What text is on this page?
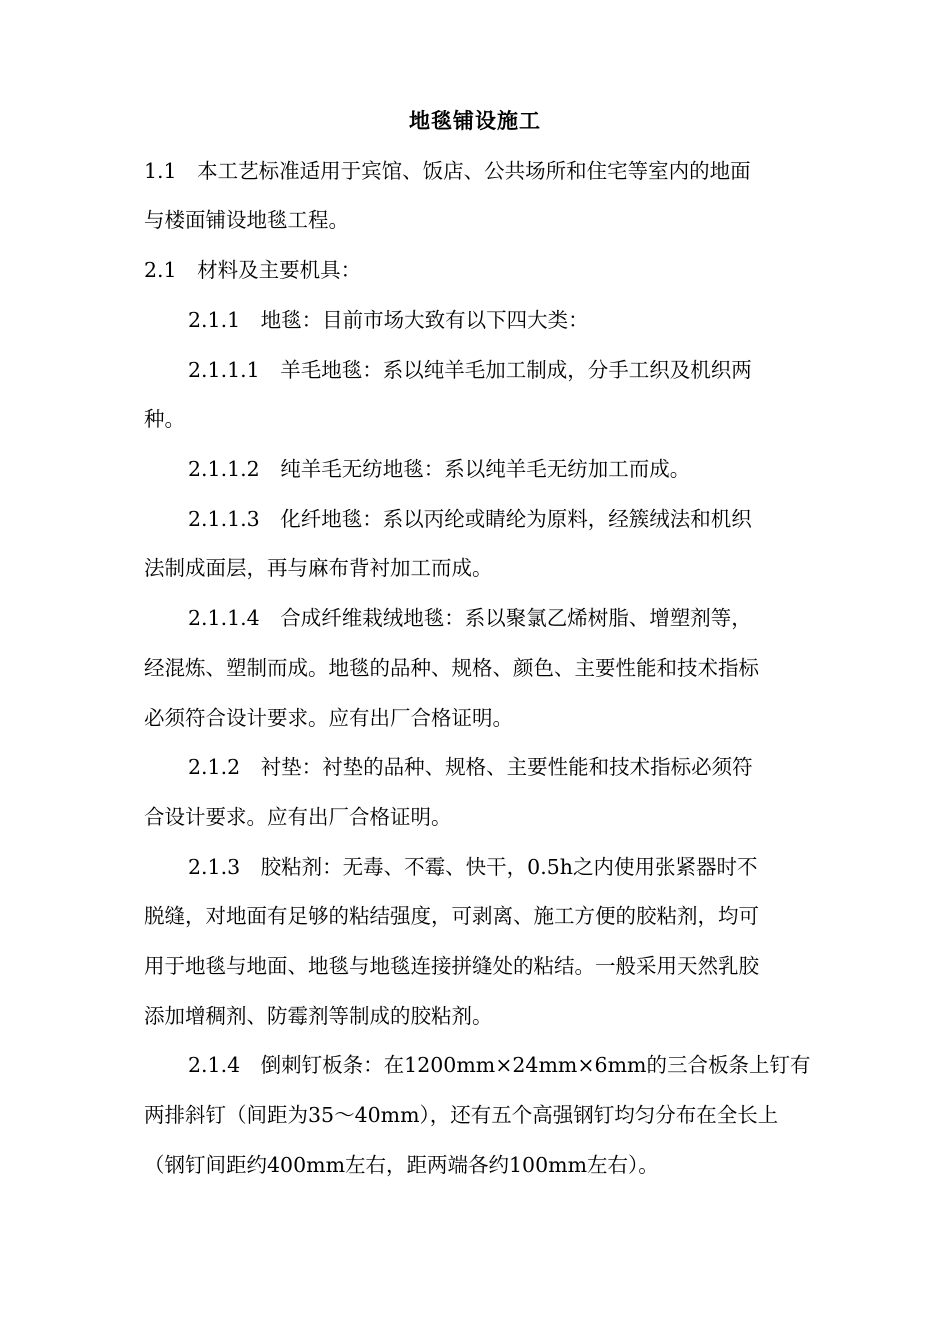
地毯铺设施工
1.1　本工艺标准适用于宾馆、饭店、公共场所和住宅等室内的地面
与楼面铺设地毯工程。
2.1　材料及主要机具：
2.1.1　地毯：目前市场大致有以下四大类：
2.1.1.1　羊毛地毯：系以纯羊毛加工制成，分手工织及机织两
种。
2.1.1.2　纯羊毛无纺地毯：系以纯羊毛无纺加工而成。
2.1.1.3　化纤地毯：系以丙纶或睛纶为原料，经簇绒法和机织
法制成面层，再与麻布背衬加工而成。
2.1.1.4　合成纤维栽绒地毯：系以聚氯乙烯树脂、增塑剂等，
经混炼、塑制而成。地毯的品种、规格、颜色、主要性能和技术指标
必须符合设计要求。应有出厂合格证明。
2.1.2　衬垫：衬垫的品种、规格、主要性能和技术指标必须符
合设计要求。应有出厂合格证明。
2.1.3　胶粘剂：无毒、不霉、快干，0.5h之内使用张紧器时不
脱缝，对地面有足够的粘结强度，可剥离、施工方便的胶粘剂，均可
用于地毯与地面、地毯与地毯连接拼缝处的粘结。一般采用天然乳胶
添加增稠剂、防霉剂等制成的胶粘剂。
2.1.4　倒刺钉板条：在1200mm×24mm×6mm的三合板条上钉有
两排斜钉（间距为35～40mm），还有五个高强钢钉均匀分布在全长上
（钢钉间距约400mm左右，距两端各约100mm左右）。
